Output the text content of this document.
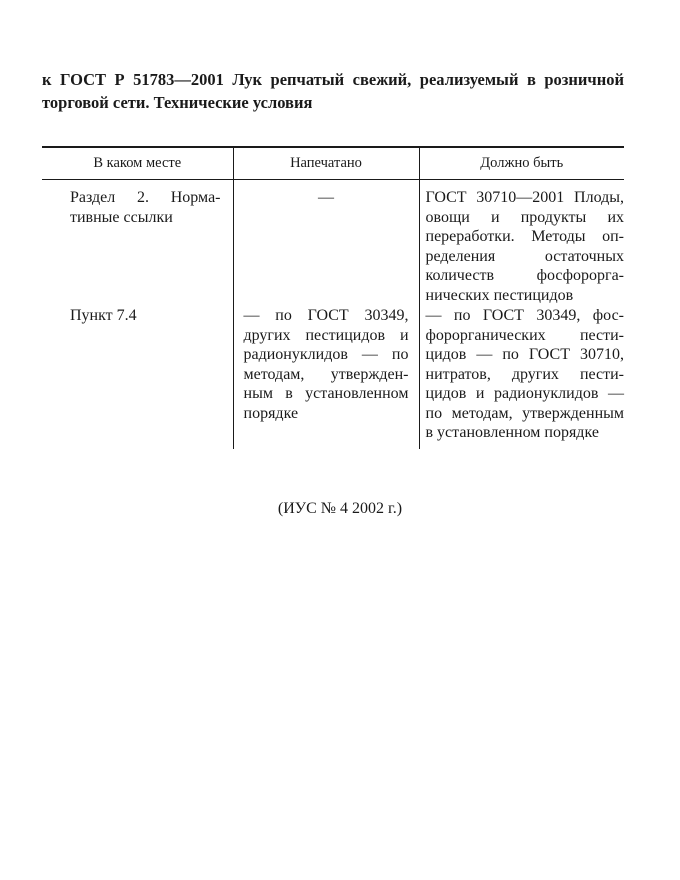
к ГОСТ Р 51783—2001 Лук репчатый свежий, реализуемый в розничной
торговой сети. Технические условия
В каком месте	Напечатано	Должно быть

Раздел 2. Нормативные ссылки	—	ГОСТ 30710—2001 Плоды, овощи и продукты их переработки. Методы определения остаточных количеств фосфороргaнических пестицидов

Пункт 7.4	— по ГОСТ 30349, других пестицидов и радионуклидов — по методам, утвержденным в установленном порядке	— по ГОСТ 30349, фосфороргaнических пестицидов — по ГОСТ 30710, нитратов, других пестицидов и радионуклидов — по методам, утвержденным в установленном порядке
(ИУС № 4 2002 г.)
